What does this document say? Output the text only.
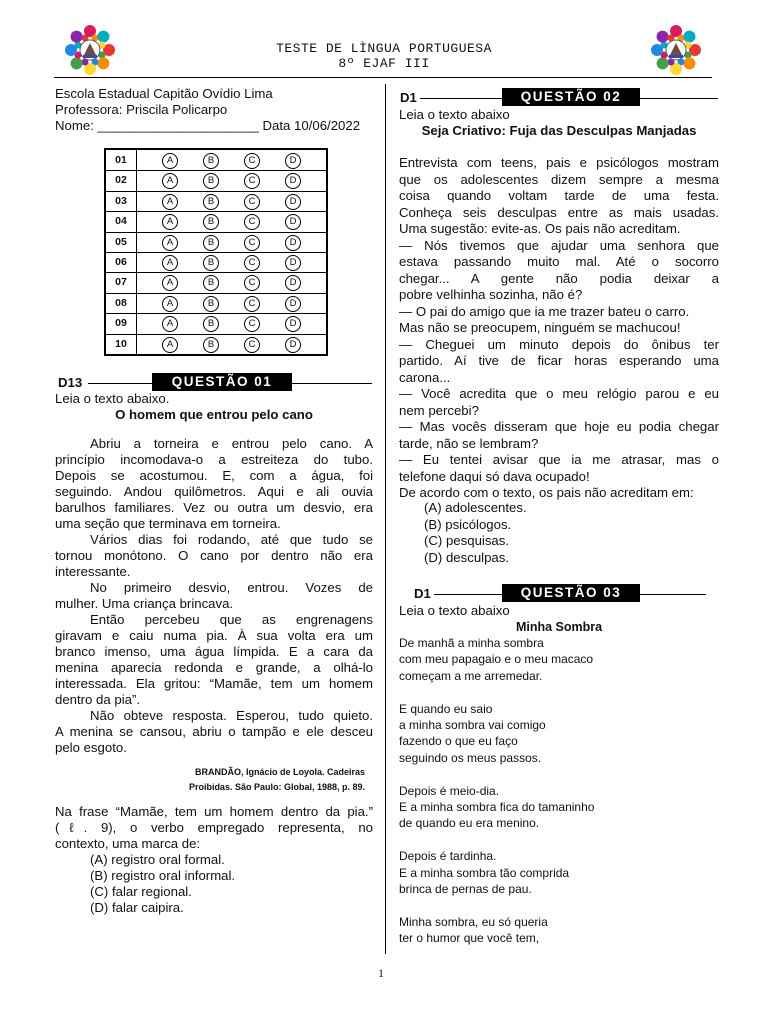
TESTE DE LÌNGUA PORTUGUESA
8º EJAF III
Escola Estadual Capitão Ovídio Lima
Professora: Priscila Policarpo
Nome: ______________________ Data 10/06/2022
01	A	B	C	D
02	A	B	C	D
03	A	B	C	D
04	A	B	C	D
05	A	B	C	D
06	A	B	C	D
07	A	B	C	D
08	A	B	C	D
09	A	B	C	D
10	A	B	C	D
D13	QUESTÃO 01
Leia o texto abaixo.
O homem que entrou pelo cano
Abriu a torneira e entrou pelo cano. A
princípio incomodava-o a estreiteza do tubo.
Depois se acostumou. E, com a água, foi
seguindo. Andou quilômetros. Aqui e ali ouvia
barulhos familiares. Vez ou outra um desvio, era
uma seção que terminava em torneira.
Vários dias foi rodando, até que tudo se
tornou monótono. O cano por dentro não era
interessante.
No primeiro desvio, entrou. Vozes de
mulher. Uma criança brincava.
Então percebeu que as engrenagens
giravam e caiu numa pia. À sua volta era um
branco imenso, uma água límpida. E a cara da
menina aparecia redonda e grande, a olhá-lo
interessada. Ela gritou: “Mamãe, tem um homem
dentro da pia”.
Não obteve resposta. Esperou, tudo quieto.
A menina se cansou, abriu o tampão e ele desceu
pelo esgoto.
BRANDÃO, Ignácio de Loyola. Cadeiras
Proibidas. São Paulo: Global, 1988, p. 89.
Na frase “Mamãe, tem um homem dentro da pia.”
(ℓ. 9), o verbo empregado representa, no
contexto, uma marca de:
(A) registro oral formal.
(B) registro oral informal.
(C) falar regional.
(D) falar caipira.
D1	QUESTÃO 02
Leia o texto abaixo
Seja Criativo: Fuja das Desculpas Manjadas
Entrevista com teens, pais e psicólogos mostram
que os adolescentes dizem sempre a mesma
coisa quando voltam tarde de uma festa.
Conheça seis desculpas entre as mais usadas.
Uma sugestão: evite-as. Os pais não acreditam.
— Nós tivemos que ajudar uma senhora que
estava passando muito mal. Até o socorro
chegar... A gente não podia deixar a
pobre velhinha sozinha, não é?
— O pai do amigo que ia me trazer bateu o carro.
Mas não se preocupem, ninguém se machucou!
— Cheguei um minuto depois do ônibus ter
partido. Aí tive de ficar horas esperando uma
carona...
— Você acredita que o meu relógio parou e eu
nem percebi?
— Mas vocês disseram que hoje eu podia chegar
tarde, não se lembram?
— Eu tentei avisar que ia me atrasar, mas o
telefone daqui só dava ocupado!
De acordo com o texto, os pais não acreditam em:
(A) adolescentes.
(B) psicólogos.
(C) pesquisas.
(D) desculpas.
D1	QUESTÃO 03
Leia o texto abaixo
Minha Sombra
De manhã a minha sombra
com meu papagaio e o meu macaco
começam a me arremedar.
E quando eu saio
a minha sombra vai comigo
fazendo o que eu faço
seguindo os meus passos.
Depois é meio-dia.
E a minha sombra fica do tamaninho
de quando eu era menino.
Depois é tardinha.
E a minha sombra tão comprida
brinca de pernas de pau.
Minha sombra, eu só queria
ter o humor que você tem,
1
